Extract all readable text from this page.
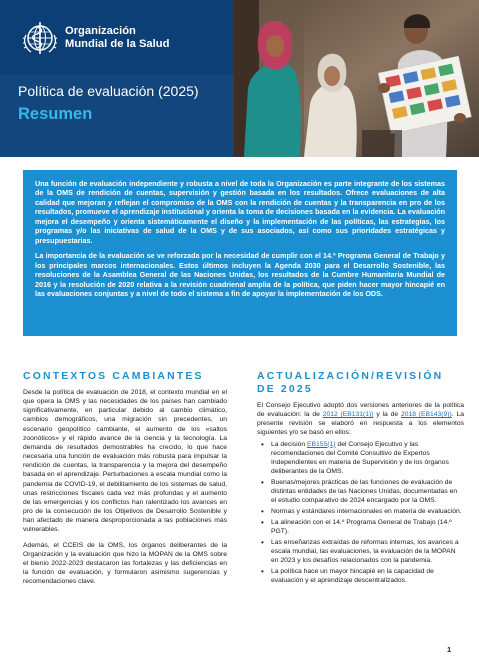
Organización
Mundial de la Salud
Política de evaluación (2025)
Resumen

Una función de evaluación independiente y robusta a nivel de toda la Organización es parte integrante de los sistemas de la OMS de rendición de cuentas, supervisión y gestión basada en los resultados. Ofrece evaluaciones de alta calidad que mejoran y reflejan el compromiso de la OMS con la rendición de cuentas y la transparencia en pro de los resultados, promueve el aprendizaje institucional y orienta la toma de decisiones basada en la evidencia. La evaluación mejora el desempeño y orienta sistemáticamente el diseño y la implementación de las políticas, las estrategias, los programas y/o las iniciativas de salud de la OMS y de sus asociados, así como sus prioridades estratégicas y presupuestarias.

La importancia de la evaluación se ve reforzada por la necesidad de cumplir con el 14.º Programa General de Trabajo y los principales marcos internacionales. Estos últimos incluyen la Agenda 2030 para el Desarrollo Sostenible, las resoluciones de la Asamblea General de las Naciones Unidas, los resultados de la Cumbre Humanitaria Mundial de 2016 y la resolución de 2020 relativa a la revisión cuadrienal amplia de la política, que piden hacer mayor hincapié en las evaluaciones conjuntas y a nivel de todo el sistema a fin de apoyar la implementación de los ODS.

CONTEXTOS CAMBIANTES

Desde la política de evaluación de 2018, el contexto mundial en el que opera la OMS y las necesidades de los países han cambiado significativamente, en particular debido al cambio climático, cambios demográficos, una migración sin precedentes, un escenario geopolítico cambiante, el aumento de los «saltos zoonóticos» y el rápido avance de la ciencia y la tecnología. La demanda de resultados demostrables ha crecido, lo que hace necesaria una función de evaluación más robusta para impulsar la rendición de cuentas, la transparencia y la mejora del desempeño basada en el aprendizaje. Perturbaciones a escala mundial como la pandemia de COVID-19, el debilitamiento de los sistemas de salud, unas restricciones fiscales cada vez más profundas y el aumento de las emergencias y los conflictos han ralentizado los avances en pro de la consecución de los Objetivos de Desarrollo Sostenible y han afectado de manera desproporcionada a las poblaciones más vulnerables.

Además, el CCEIS de la OMS, los órganos deliberantes de la Organización y la evaluación que hizo la MOPAN de la OMS sobre el bienio 2022-2023 destacaron las fortalezas y las deficiencias en la función de evaluación, y formularon asimismo sugerencias y recomendaciones clave.

ACTUALIZACIÓN/REVISIÓN DE 2025

El Consejo Ejecutivo adoptó dos versiones anteriores de la política de evaluación: la de 2012 (EB131(1)) y la de 2018 (EB143(9)). La presente revisión se elaboró en respuesta a los elementos siguientes y/o se basó en ellos:

• La decisión EB155(1) del Consejo Ejecutivo y las recomendaciones del Comité Consultivo de Expertos Independientes en materia de Supervisión y de los órganos deliberantes de la OMS.
• Buenas/mejores prácticas de las funciones de evaluación de distintas entidades de las Naciones Unidas, documentadas en el estudio comparativo de 2024 encargado por la OMS.
• Normas y estándares internacionales en materia de evaluación.
• La alineación con el 14.º Programa General de Trabajo (14.º PGT).
• Las enseñanzas extraídas de reformas internas, los avances a escala mundial, las evaluaciones, la evaluación de la MOPAN en 2023 y los desafíos relacionados con la pandemia.
• La política hace un mayor hincapié en la capacidad de evaluación y el aprendizaje descentralizados.
1
